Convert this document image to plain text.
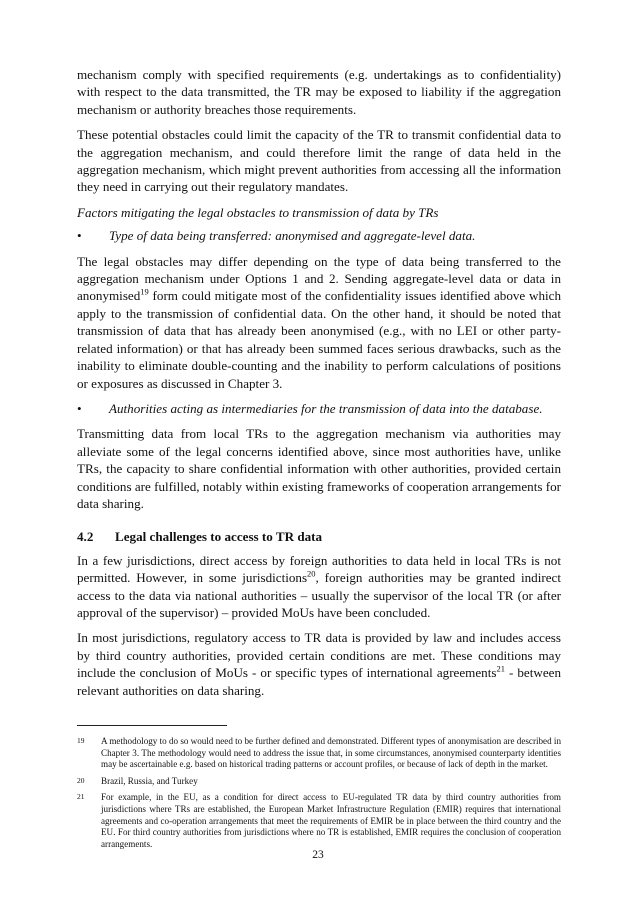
mechanism comply with specified requirements (e.g. undertakings as to confidentiality) with respect to the data transmitted, the TR may be exposed to liability if the aggregation mechanism or authority breaches those requirements.

These potential obstacles could limit the capacity of the TR to transmit confidential data to the aggregation mechanism, and could therefore limit the range of data held in the aggregation mechanism, which might prevent authorities from accessing all the information they need in carrying out their regulatory mandates.

Factors mitigating the legal obstacles to transmission of data by TRs

• Type of data being transferred: anonymised and aggregate-level data.

The legal obstacles may differ depending on the type of data being transferred to the aggregation mechanism under Options 1 and 2. Sending aggregate-level data or data in anonymised$^{19}$ form could mitigate most of the confidentiality issues identified above which apply to the transmission of confidential data. On the other hand, it should be noted that transmission of data that has already been anonymised (e.g., with no LEI or other party-related information) or that has already been summed faces serious drawbacks, such as the inability to eliminate double-counting and the inability to perform calculations of positions or exposures as discussed in Chapter 3.

• Authorities acting as intermediaries for the transmission of data into the database.

Transmitting data from local TRs to the aggregation mechanism via authorities may alleviate some of the legal concerns identified above, since most authorities have, unlike TRs, the capacity to share confidential information with other authorities, provided certain conditions are fulfilled, notably within existing frameworks of cooperation arrangements for data sharing.

4.2	Legal challenges to access to TR data

In a few jurisdictions, direct access by foreign authorities to data held in local TRs is not permitted. However, in some jurisdictions$^{20}$, foreign authorities may be granted indirect access to the data via national authorities – usually the supervisor of the local TR (or after approval of the supervisor) – provided MoUs have been concluded.

In most jurisdictions, regulatory access to TR data is provided by law and includes access by third country authorities, provided certain conditions are met. These conditions may include the conclusion of MoUs - or specific types of international agreements$^{21}$ - between relevant authorities on data sharing.

19	A methodology to do so would need to be further defined and demonstrated. Different types of anonymisation are described in Chapter 3. The methodology would need to address the issue that, in some circumstances, anonymised counterparty identities may be ascertainable e.g. based on historical trading patterns or account profiles, or because of lack of depth in the market.
20	Brazil, Russia, and Turkey
21	For example, in the EU, as a condition for direct access to EU-regulated TR data by third country authorities from jurisdictions where TRs are established, the European Market Infrastructure Regulation (EMIR) requires that international agreements and co-operation arrangements that meet the requirements of EMIR be in place between the third country and the EU. For third country authorities from jurisdictions where no TR is established, EMIR requires the conclusion of cooperation arrangements.
23
